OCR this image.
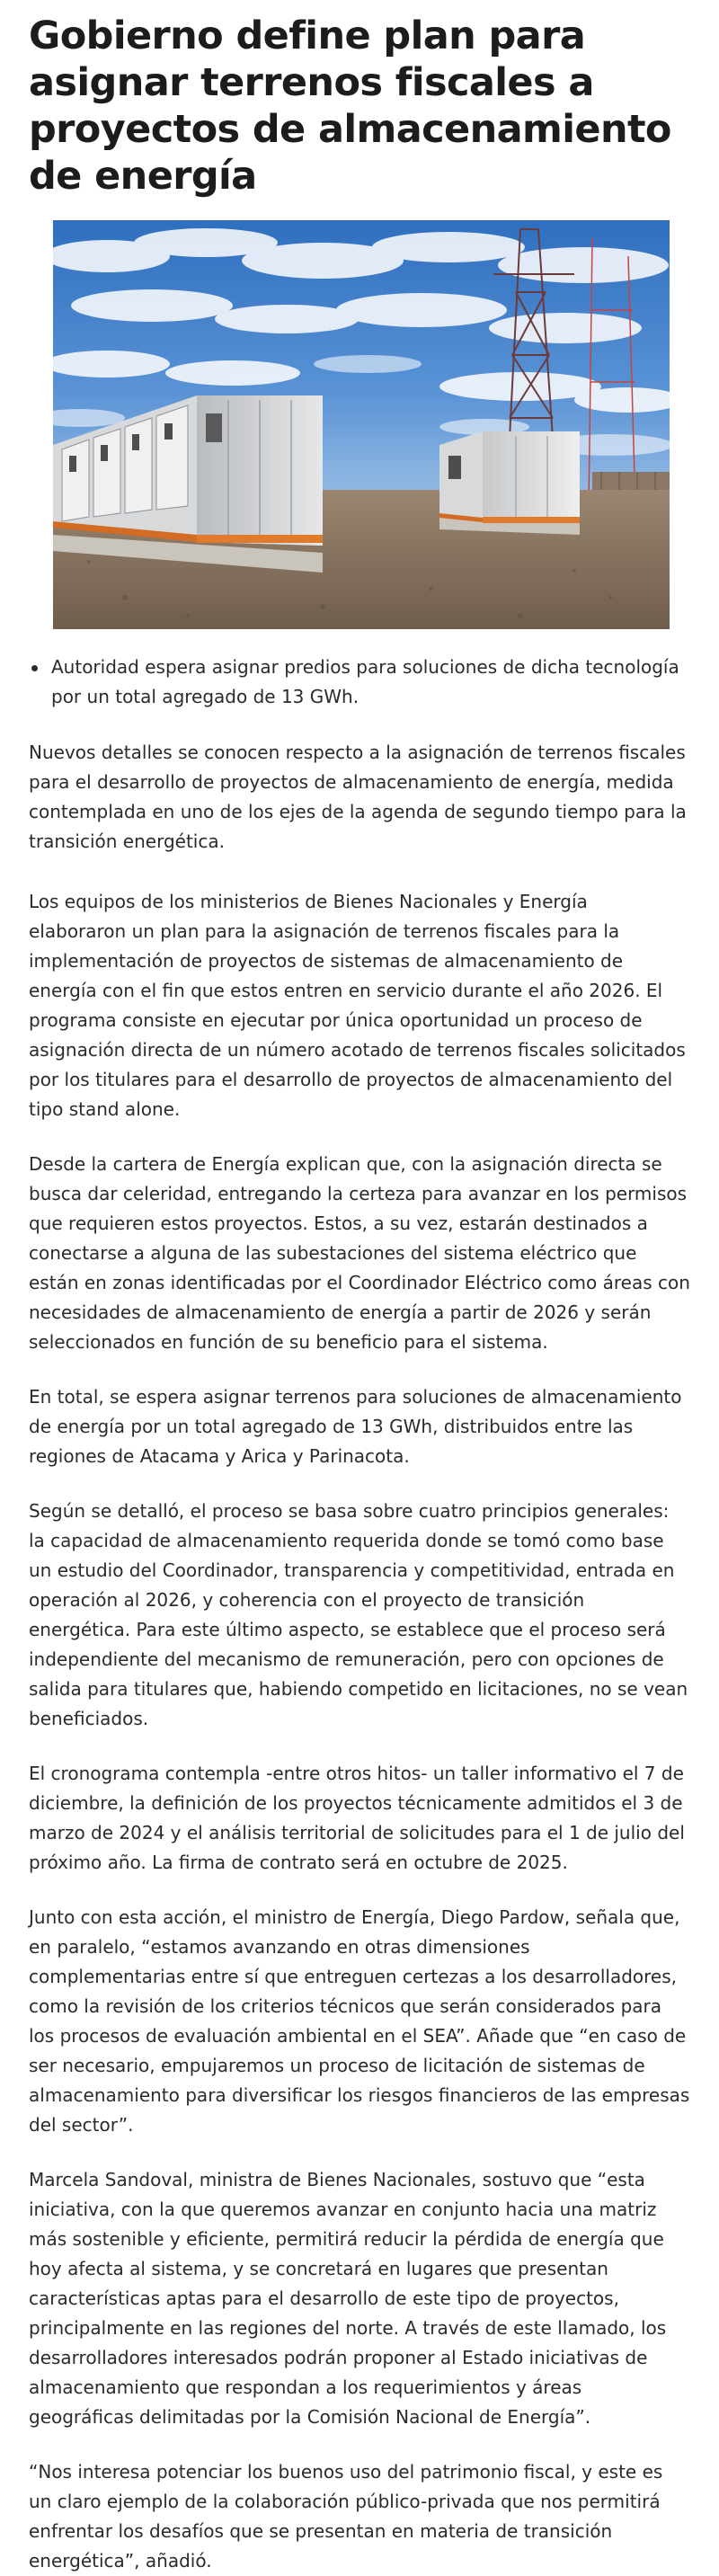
Gobierno define plan para asignar terrenos fiscales a proyectos de almacenamiento de energía
Autoridad espera asignar predios para soluciones de dicha tecnología por un total agregado de 13 GWh.

Nuevos detalles se conocen respecto a la asignación de terrenos fiscales para el desarrollo de proyectos de almacenamiento de energía, medida contemplada en uno de los ejes de la agenda de segundo tiempo para la transición energética.

Los equipos de los ministerios de Bienes Nacionales y Energía elaboraron un plan para la asignación de terrenos fiscales para la implementación de proyectos de sistemas de almacenamiento de energía con el fin que estos entren en servicio durante el año 2026. El programa consiste en ejecutar por única oportunidad un proceso de asignación directa de un número acotado de terrenos fiscales solicitados por los titulares para el desarrollo de proyectos de almacenamiento del tipo stand alone.

Desde la cartera de Energía explican que, con la asignación directa se busca dar celeridad, entregando la certeza para avanzar en los permisos que requieren estos proyectos. Estos, a su vez, estarán destinados a conectarse a alguna de las subestaciones del sistema eléctrico que están en zonas identificadas por el Coordinador Eléctrico como áreas con necesidades de almacenamiento de energía a partir de 2026 y serán seleccionados en función de su beneficio para el sistema.

En total, se espera asignar terrenos para soluciones de almacenamiento de energía por un total agregado de 13 GWh, distribuidos entre las regiones de Atacama y Arica y Parinacota.

Según se detalló, el proceso se basa sobre cuatro principios generales: la capacidad de almacenamiento requerida donde se tomó como base un estudio del Coordinador, transparencia y competitividad, entrada en operación al 2026, y coherencia con el proyecto de transición energética. Para este último aspecto, se establece que el proceso será independiente del mecanismo de remuneración, pero con opciones de salida para titulares que, habiendo competido en licitaciones, no se vean beneficiados.

El cronograma contempla -entre otros hitos- un taller informativo el 7 de diciembre, la definición de los proyectos técnicamente admitidos el 3 de marzo de 2024 y el análisis territorial de solicitudes para el 1 de julio del próximo año. La firma de contrato será en octubre de 2025.

Junto con esta acción, el ministro de Energía, Diego Pardow, señala que, en paralelo, “estamos avanzando en otras dimensiones complementarias entre sí que entreguen certezas a los desarrolladores, como la revisión de los criterios técnicos que serán considerados para los procesos de evaluación ambiental en el SEA”. Añade que “en caso de ser necesario, empujaremos un proceso de licitación de sistemas de almacenamiento para diversificar los riesgos financieros de las empresas del sector”.

Marcela Sandoval, ministra de Bienes Nacionales, sostuvo que “esta iniciativa, con la que queremos avanzar en conjunto hacia una matriz más sostenible y eficiente, permitirá reducir la pérdida de energía que hoy afecta al sistema, y se concretará en lugares que presentan características aptas para el desarrollo de este tipo de proyectos, principalmente en las regiones del norte. A través de este llamado, los desarrolladores interesados podrán proponer al Estado iniciativas de almacenamiento que respondan a los requerimientos y áreas geográficas delimitadas por la Comisión Nacional de Energía”.

“Nos interesa potenciar los buenos uso del patrimonio fiscal, y este es un claro ejemplo de la colaboración público-privada que nos permitirá enfrentar los desafíos que se presentan en materia de transición energética”, añadió.
